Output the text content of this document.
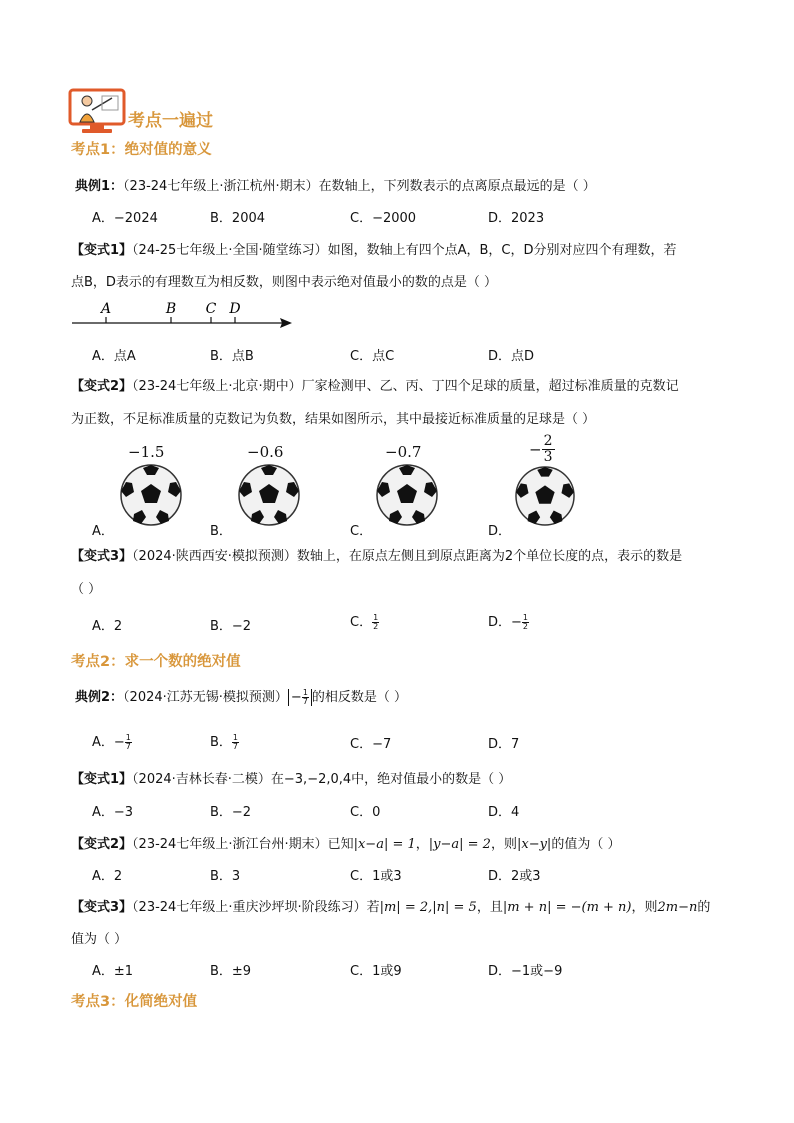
考点一遍过
考点1：绝对值的意义
典例1：（23-24七年级上·浙江杭州·期末）在数轴上，下列数表示的点离原点最远的是（ ）
A．−2024	B．2004	C．−2000	D．2023
【变式1】（24-25七年级上·全国·随堂练习）如图，数轴上有四个点A，B，C，D分别对应四个有理数，若
点B，D表示的有理数互为相反数，则图中表示绝对值最小的数的点是（ ）
A	B C D
A．点A	B．点B	C．点C	D．点D
【变式2】（23-24七年级上·北京·期中）厂家检测甲、乙、丙、丁四个足球的质量，超过标准质量的克数记
为正数，不足标准质量的克数记为负数，结果如图所示，其中最接近标准质量的足球是（ ）
−1.5	−0.6	−0.7	− $\frac{2}{3}$
A．	B．	C．	D．
【变式3】（2024·陕西西安·模拟预测）数轴上，在原点左侧且到原点距离为2个单位长度的点，表示的数是
（ ）
A．2	B．−2	C． $\frac{1}{2}$	D．− $\frac{1}{2}$
考点2：求一个数的绝对值
典例2：（2024·江苏无锡·模拟预测） − $\frac{1}{7}$ 的相反数是（ ）
A．− $\frac{1}{7}$	B． $\frac{1}{7}$	C．−7	D．7
【变式1】（2024·吉林长春·二模）在−3,−2,0,4中，绝对值最小的数是（ ）
A．−3	B．−2	C．0	D．4
【变式2】（23-24七年级上·浙江台州·期末）已知|x−a| = 1，|y−a| = 2，则|x−y|的值为（ ）
A．2	B．3	C．1或3	D．2或3
【变式3】（23-24七年级上·重庆沙坪坝·阶段练习）若|m| = 2,|n| = 5，且|m + n| = −(m + n)，则2m−n的
值为（ ）
A．±1	B．±9	C．1或9	D．−1或−9
考点3：化简绝对值
